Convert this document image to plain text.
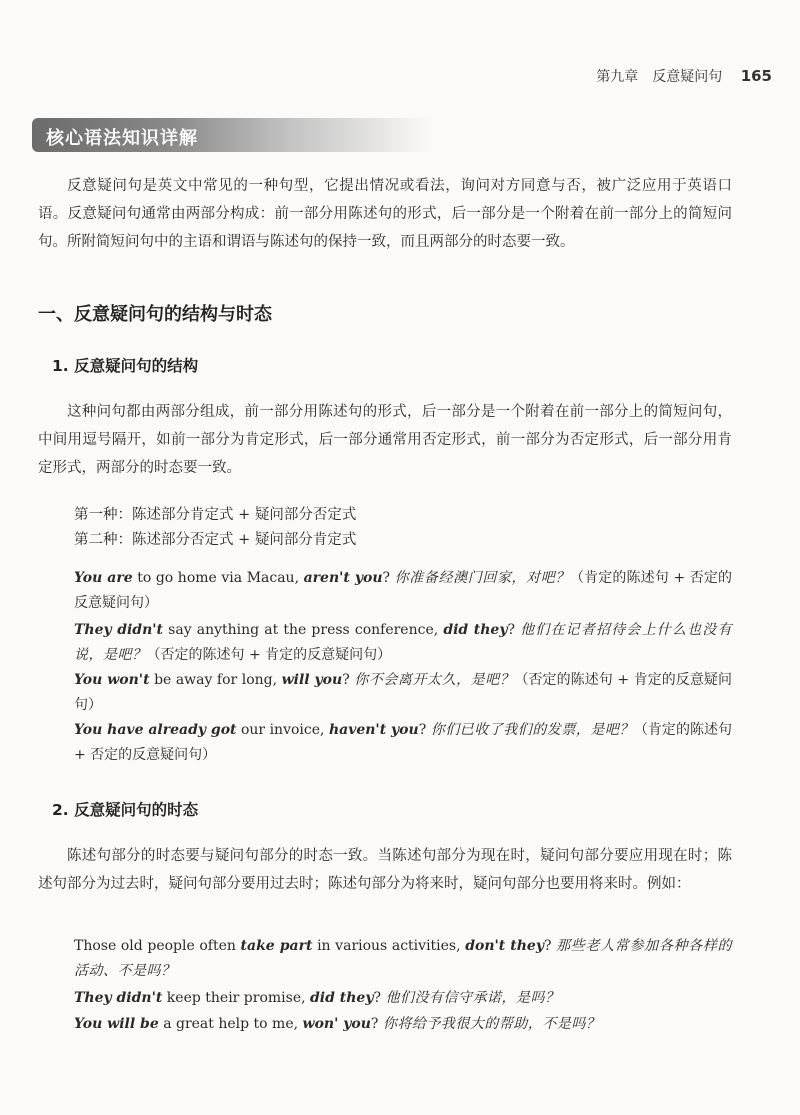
第九章　反意疑问句 165
核心语法知识详解

反意疑问句是英文中常见的一种句型，它提出情况或看法，询问对方同意与否，被广泛应用于英语口语。反意疑问句通常由两部分构成：前一部分用陈述句的形式，后一部分是一个附着在前一部分上的简短问句。所附简短问句中的主语和谓语与陈述句的保持一致，而且两部分的时态要一致。

一、反意疑问句的结构与时态
1. 反意疑问句的结构

这种问句都由两部分组成，前一部分用陈述句的形式，后一部分是一个附着在前一部分上的简短问句，中间用逗号隔开，如前一部分为肯定形式，后一部分通常用否定形式，前一部分为否定形式，后一部分用肯定形式，两部分的时态要一致。

第一种：陈述部分肯定式 + 疑问部分否定式
第二种：陈述部分否定式 + 疑问部分肯定式
You are to go home via Macau, aren't you? 你准备经澳门回家，对吧？（肯定的陈述句 + 否定的反意疑问句）
They didn't say anything at the press conference, did they? 他们在记者招待会上什么也没有说，是吧？（否定的陈述句 + 肯定的反意疑问句）
You won't be away for long, will you? 你不会离开太久，是吧？（否定的陈述句 + 肯定的反意疑问句）
You have already got our invoice, haven't you? 你们已收了我们的发票，是吧？（肯定的陈述句 + 否定的反意疑问句）
2. 反意疑问句的时态

陈述句部分的时态要与疑问句部分的时态一致。当陈述句部分为现在时，疑问句部分要应用现在时；陈述句部分为过去时，疑问句部分要用过去时；陈述句部分为将来时，疑问句部分也要用将来时。例如：

Those old people often take part in various activities, don't they? 那些老人常参加各种各样的活动、不是吗？
They didn't keep their promise, did they? 他们没有信守承诺，是吗？
You will be a great help to me, won' you? 你将给予我很大的帮助，不是吗？
